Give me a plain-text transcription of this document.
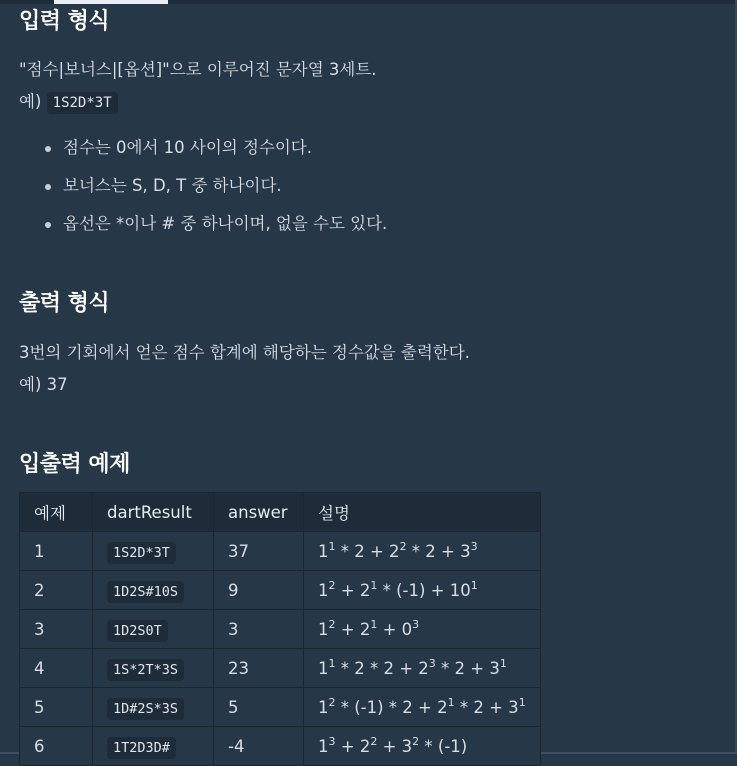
입력 형식
"점수|보너스|[옵션]"으로 이루어진 문자열 3세트.
예) 1S2D*3T
점수는 0에서 10 사이의 정수이다.
보너스는 S, D, T 중 하나이다.
옵선은 *이나 # 중 하나이며, 없을 수도 있다.
출력 형식
3번의 기회에서 얻은 점수 합계에 해당하는 정수값을 출력한다.
예) 37
입출력 예제
예제	dartResult	answer	설명
1	1S2D*3T	37	$1^1 * 2 + 2^2 * 2 + 3^3$
2	1D2S#10S	9	$1^2 + 2^1 * (-1) + 10^1$
3	1D2S0T	3	$1^2 + 2^1 + 0^3$
4	1S*2T*3S	23	$1^1 * 2 * 2 + 2^3 * 2 + 3^1$
5	1D#2S*3S	5	$1^2 * (-1) * 2 + 2^1 * 2 + 3^1$
6	1T2D3D#	-4	$1^3 + 2^2 + 3^2 * (-1)$
